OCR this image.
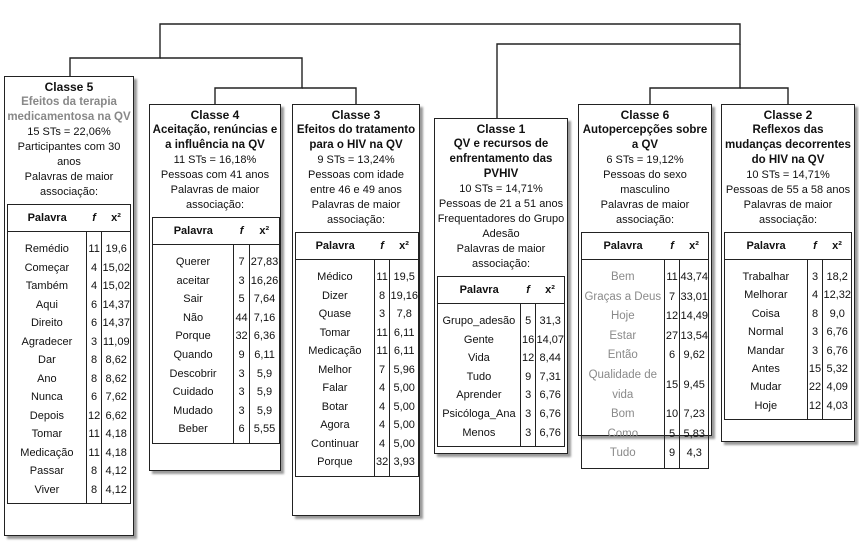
Classe 5
Efeitos da terapia medicamentosa na QV
15 STs = 22,06%
Participantes com 30 anos
Palavras de maior associação:
Palavra	f	x²
Remédio	11	19,6
Começar	4	15,02
Também	4	15,02
Aqui	6	14,37
Direito	6	14,37
Agradecer	3	11,09
Dar	8	8,62
Ano	8	8,62
Nunca	6	7,62
Depois	12	6,62
Tomar	11	4,18
Medicação	11	4,18
Passar	8	4,12
Viver	8	4,12
Classe 4
Aceitação, renúncias e a influência na QV
11 STs = 16,18%
Pessoas com 41 anos
Palavras de maior associação:
Palavra	f	x²
Querer	7	27,83
aceitar	3	16,26
Sair	5	7,64
Não	44	7,16
Porque	32	6,36
Quando	9	6,11
Descobrir	3	5,9
Cuidado	3	5,9
Mudado	3	5,9
Beber	6	5,55
Classe 3
Efeitos do tratamento para o HIV na QV
9 STs = 13,24%
Pessoas com idade entre 46 e 49 anos
Palavras de maior associação:
Palavra	f	x²
Médico	11	19,5
Dizer	8	19,16
Quase	3	7,8
Tomar	11	6,11
Medicação	11	6,11
Melhor	7	5,96
Falar	4	5,00
Botar	4	5,00
Agora	4	5,00
Continuar	4	5,00
Porque	32	3,93
Classe 1
QV e recursos de enfrentamento das PVHIV
10 STs = 14,71%
Pessoas de 21 a 51 anos
Frequentadores do Grupo Adesão
Palavras de maior associação:
Palavra	f	x²
Grupo_adesão	5	31,3
Gente	16	14,07
Vida	12	8,44
Tudo	9	7,31
Aprender	3	6,76
Psicóloga_Ana	3	6,76
Menos	3	6,76
Classe 6
Autopercepções sobre a QV
6 STs = 19,12%
Pessoas do sexo masculino
Palavras de maior associação:
Palavra	f	x²
Bem	11	43,74
Graças a Deus	7	33,01
Hoje	12	14,49
Estar	27	13,54
Então	6	9,62
Qualidade de vida	15	9,45
Bom	10	7,23
Como	5	5,83
Tudo	9	4,3
Classe 2
Reflexos das mudanças decorrentes do HIV na QV
10 STs = 14,71%
Pessoas de 55 a 58 anos
Palavras de maior associação:
Palavra	f	x²
Trabalhar	3	18,2
Melhorar	4	12,32
Coisa	8	9,0
Normal	3	6,76
Mandar	3	6,76
Antes	15	5,32
Mudar	22	4,09
Hoje	12	4,03
